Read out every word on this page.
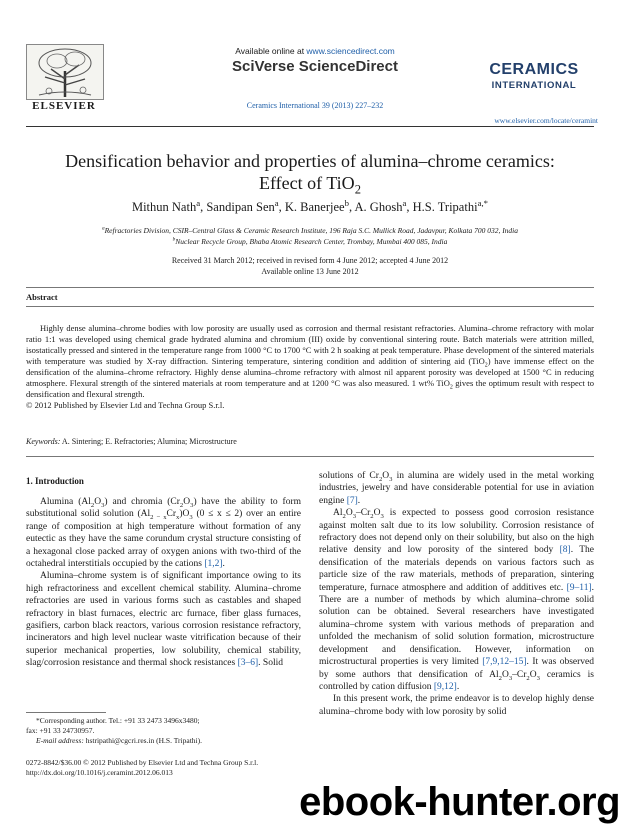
ELSEVIER
Available online at www.sciencedirect.com
SciVerse ScienceDirect
Ceramics International 39 (2013) 227–232
CERAMICS
INTERNATIONAL
www.elsevier.com/locate/ceramint
Densification behavior and properties of alumina–chrome ceramics:
Effect of TiO$_2$
Mithun Nath$^a$, Sandipan Sen$^a$, K. Banerjee$^b$, A. Ghosh$^a$, H.S. Tripathi$^{a,*}$
$^a$Refractories Division, CSIR–Central Glass & Ceramic Research Institute, 196 Raja S.C. Mullick Road, Jadavpur, Kolkata 700 032, India
$^b$Nuclear Recycle Group, Bhaba Atomic Research Center, Trombay, Mumbai 400 085, India
Received 31 March 2012; received in revised form 4 June 2012; accepted 4 June 2012
Available online 13 June 2012
Abstract

Highly dense alumina–chrome bodies with low porosity are usually used as corrosion and thermal resistant refractories. Alumina–chrome refractory with molar ratio 1:1 was developed using chemical grade hydrated alumina and chromium (III) oxide by conventional sintering route. Batch materials were attrition milled, isostatically pressed and sintered in the temperature range from 1000 °C to 1700 °C with 2 h soaking at peak temperature. Phase development of the sintered materials with temperature was studied by X-ray diffraction. Sintering temperature, sintering condition and addition of sintering aid (TiO$_2$) have immense effect on the densification of the alumina–chrome refractory. Highly dense alumina–chrome refractory with almost nil apparent porosity was developed at 1500 °C in reducing atmosphere. Flexural strength of the sintered materials at room temperature and at 1200 °C was also measured. 1 wt% TiO$_2$ gives the optimum result with respect to densification and flexural strength.

© 2012 Published by Elsevier Ltd and Techna Group S.r.l.

Keywords: A. Sintering; E. Refractories; Alumina; Microstructure
1. Introduction

Alumina $(Al_2O_3)$ and chromia $(Cr_2O_3)$ have the ability to form substitutional solid solution $(Al_{2 - x}Cr_x)O_3$ (0 ≤ x ≤ 2) over an entire range of composition at high temperature without formation of any eutectic as they have the same corundum crystal structure consisting of a hexagonal close packed array of oxygen anions with two-third of the octahedral interstitials occupied by the cations [1,2].

Alumina–chrome system is of significant importance owing to its high refractoriness and excellent chemical stability. Alumina–chrome refractories are used in various forms such as castables and shaped refractory in blast furnaces, electric arc furnace, fiber glass furnaces, gasifiers, carbon black reactors, various corrosion resistance refractory, incinerators and high level nuclear waste vitrification because of their superior mechanical properties, low solubility, chemical stability, slag/corrosion resistance and thermal shock resistances [3–6]. Solid

solutions of $Cr_2O_3$ in alumina are widely used in the metal working industries, jewelry and have considerable potential for use in aviation engine [7].

$Al_2O_3-Cr_2O_3$ is expected to possess good corrosion resistance against molten salt due to its low solubility. Corrosion resistance of refractory does not depend only on their solubility, but also on the high relative density and low porosity of the sintered body [8]. The densification of the materials depends on various factors such as particle size of the raw materials, methods of preparation, sintering temperature, furnace atmosphere and addition of additives etc. [9–11]. There are a number of methods by which alumina–chrome solid solution can be obtained. Several researchers have investigated alumina–chrome system with various methods of preparation and unfolded the mechanism of solid solution formation, microstructure development and densification. However, information on microstructural properties is very limited [7,9,12–15]. It was observed by some authors that densification of $Al_2O_3-Cr_2O_3$ ceramics is controlled by cation diffusion [9,12].

In this present work, the prime endeavor is to develop highly dense alumina–chrome body with low porosity by solid

*Corresponding author. Tel.: +91 33 2473 3496x3480;
fax: +91 33 24730957.
E-mail address: hstripathi@cgcri.res.in (H.S. Tripathi).
0272-8842/$36.00 © 2012 Published by Elsevier Ltd and Techna Group S.r.l.
http://dx.doi.org/10.1016/j.ceramint.2012.06.013
ebook-hunter.org
